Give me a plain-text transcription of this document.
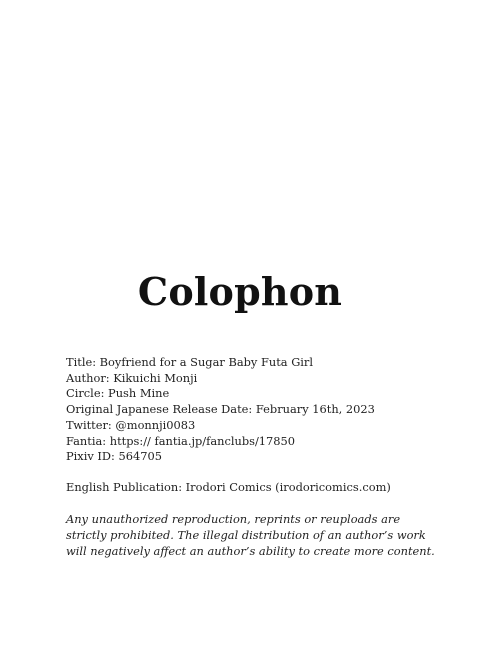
Colophon
Title: Boyfriend for a Sugar Baby Futa Girl
Author: Kikuichi Monji
Circle: Push Mine
Original Japanese Release Date: February 16th, 2023
Twitter: @monnji0083
Fantia: https:// fantia.jp/fanclubs/17850
Pixiv ID: 564705
English Publication: Irodori Comics (irodoricomics.com)
Any unauthorized reproduction, reprints or reuploads are
strictly prohibited. The illegal distribution of an author’s work
will negatively affect an author’s ability to create more content.
